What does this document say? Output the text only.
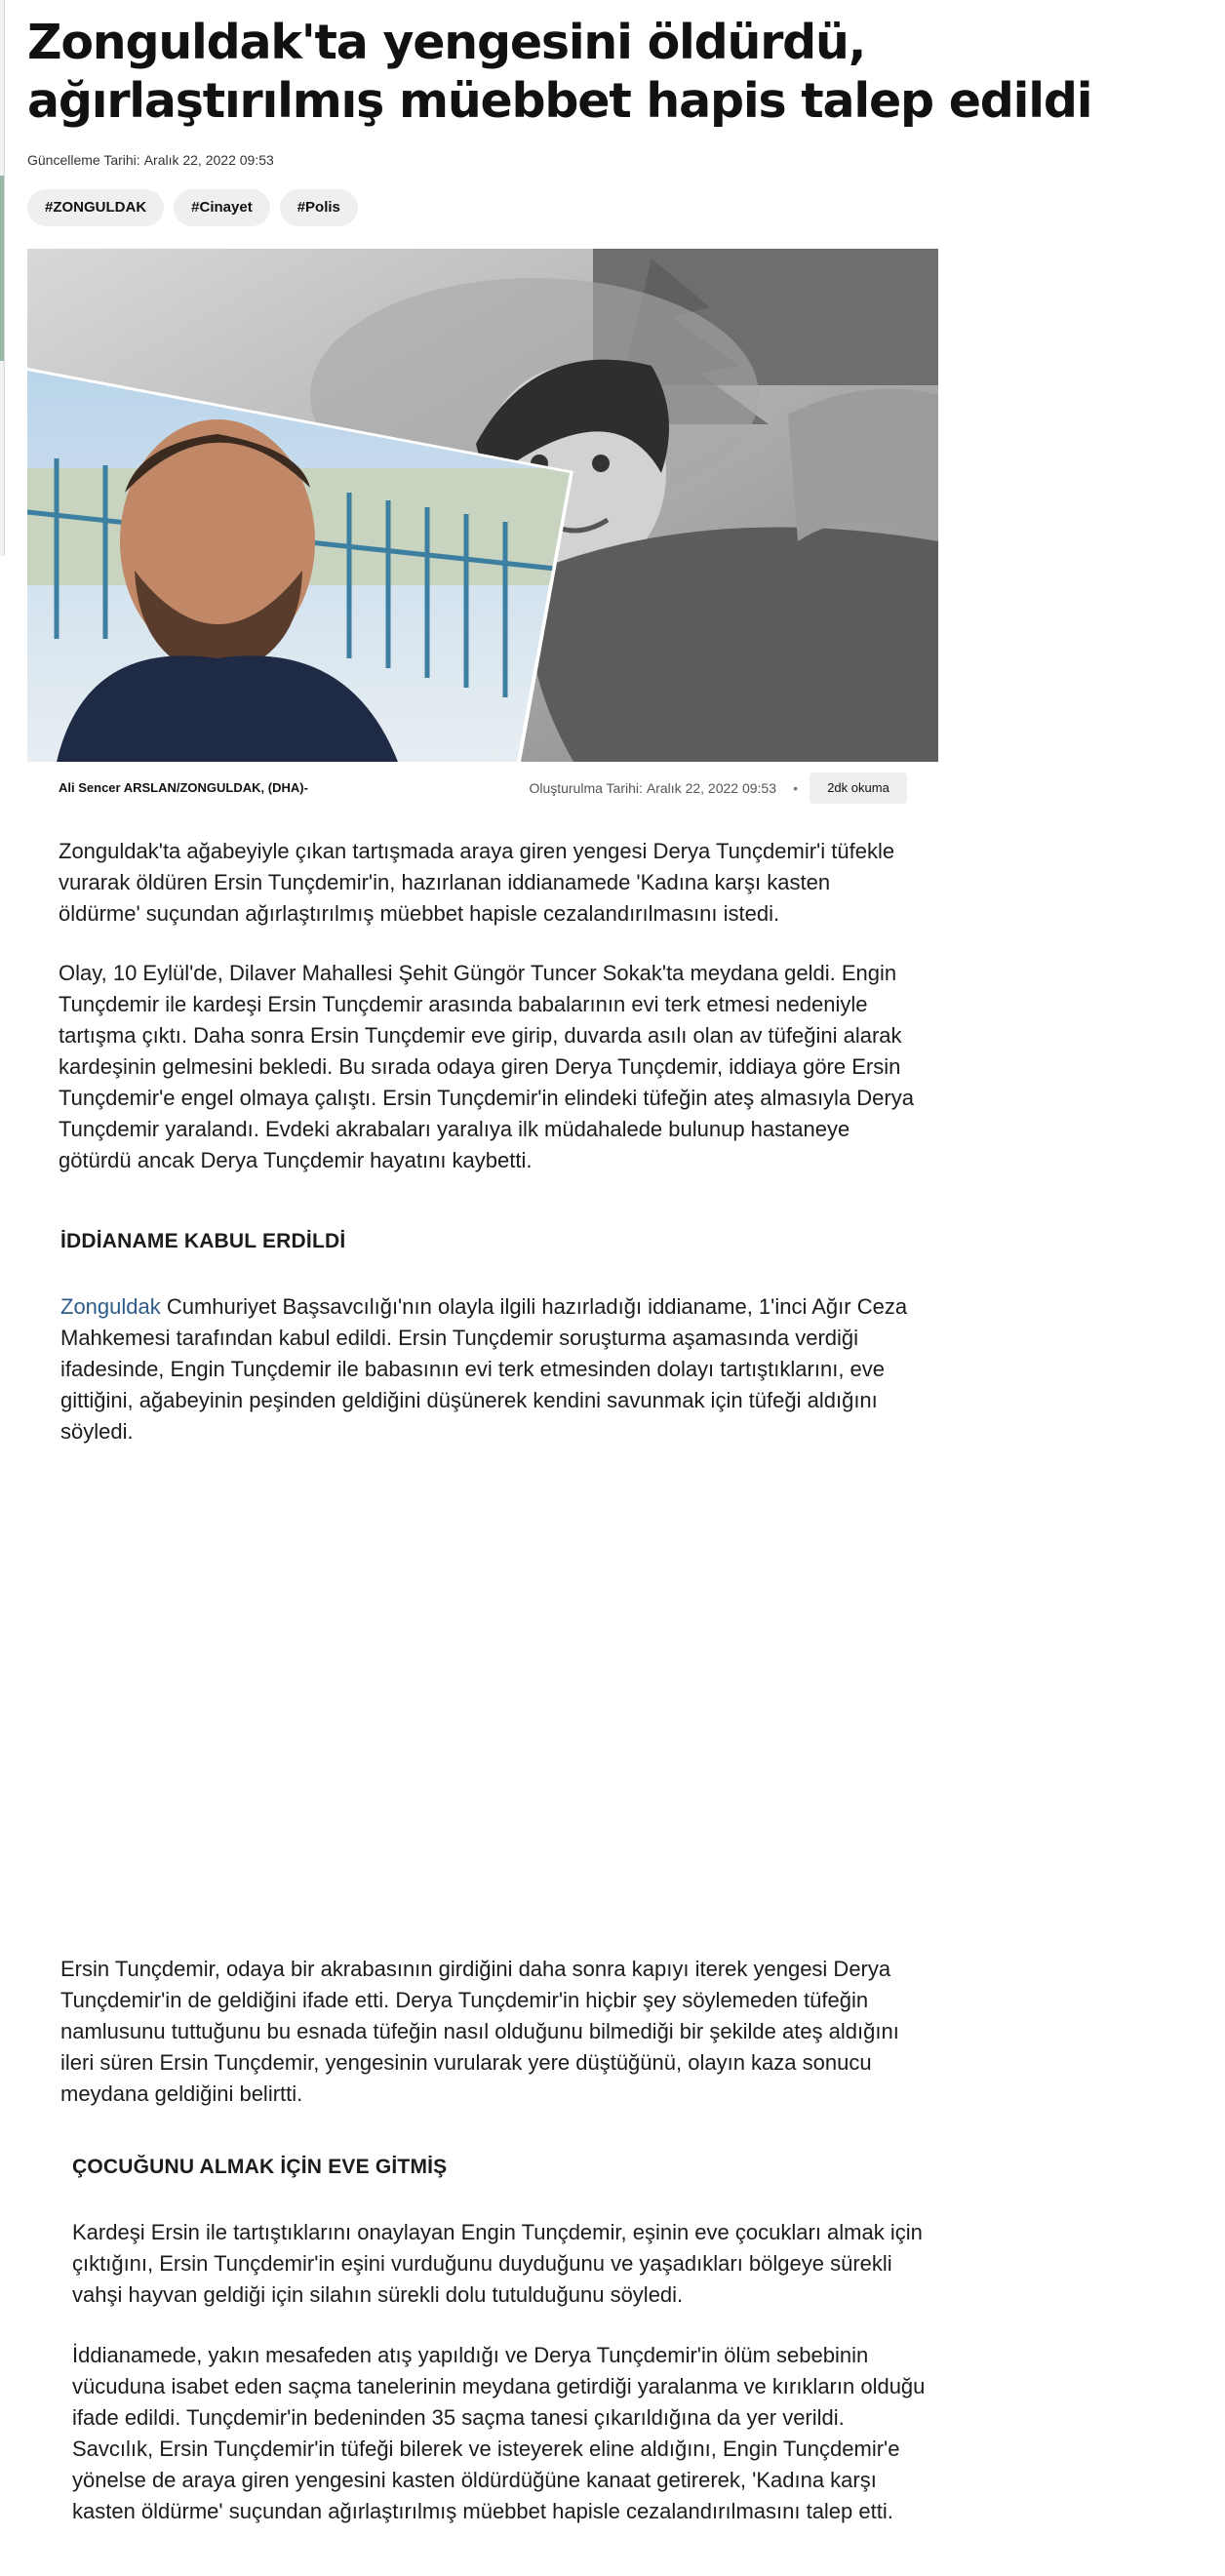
Zonguldak'ta yengesini öldürdü, ağırlaştırılmış müebbet hapis talep edildi
Güncelleme Tarihi: Aralık 22, 2022 09:53
#ZONGULDAK	#Cinayet	#Polis
Ali Sencer ARSLAN/ZONGULDAK, (DHA)-	Oluşturulma Tarihi: Aralık 22, 2022 09:53 •	2dk okuma

Zonguldak'ta ağabeyiyle çıkan tartışmada araya giren yengesi Derya Tunçdemir'i tüfekle vurarak öldüren Ersin Tunçdemir'in, hazırlanan iddianamede 'Kadına karşı kasten öldürme' suçundan ağırlaştırılmış müebbet hapisle cezalandırılmasını istedi.

Olay, 10 Eylül'de, Dilaver Mahallesi Şehit Güngör Tuncer Sokak'ta meydana geldi. Engin Tunçdemir ile kardeşi Ersin Tunçdemir arasında babalarının evi terk etmesi nedeniyle tartışma çıktı. Daha sonra Ersin Tunçdemir eve girip, duvarda asılı olan av tüfeğini alarak kardeşinin gelmesini bekledi. Bu sırada odaya giren Derya Tunçdemir, iddiaya göre Ersin Tunçdemir'e engel olmaya çalıştı. Ersin Tunçdemir'in elindeki tüfeğin ateş almasıyla Derya Tunçdemir yaralandı. Evdeki akrabaları yaralıya ilk müdahalede bulunup hastaneye götürdü ancak Derya Tunçdemir hayatını kaybetti.

İDDİANAME KABUL ERDİLDİ

Zonguldak Cumhuriyet Başsavcılığı'nın olayla ilgili hazırladığı iddianame, 1'inci Ağır Ceza Mahkemesi tarafından kabul edildi. Ersin Tunçdemir soruşturma aşamasında verdiği ifadesinde, Engin Tunçdemir ile babasının evi terk etmesinden dolayı tartıştıklarını, eve gittiğini, ağabeyinin peşinden geldiğini düşünerek kendini savunmak için tüfeği aldığını söyledi.

Ersin Tunçdemir, odaya bir akrabasının girdiğini daha sonra kapıyı iterek yengesi Derya Tunçdemir'in de geldiğini ifade etti. Derya Tunçdemir'in hiçbir şey söylemeden tüfeğin namlusunu tuttuğunu bu esnada tüfeğin nasıl olduğunu bilmediği bir şekilde ateş aldığını ileri süren Ersin Tunçdemir, yengesinin vurularak yere düştüğünü, olayın kaza sonucu meydana geldiğini belirtti.

ÇOCUĞUNU ALMAK İÇİN EVE GİTMİŞ

Kardeşi Ersin ile tartıştıklarını onaylayan Engin Tunçdemir, eşinin eve çocukları almak için çıktığını, Ersin Tunçdemir'in eşini vurduğunu duyduğunu ve yaşadıkları bölgeye sürekli vahşi hayvan geldiği için silahın sürekli dolu tutulduğunu söyledi.

İddianamede, yakın mesafeden atış yapıldığı ve Derya Tunçdemir'in ölüm sebebinin vücuduna isabet eden saçma tanelerinin meydana getirdiği yaralanma ve kırıkların olduğu ifade edildi. Tunçdemir'in bedeninden 35 saçma tanesi çıkarıldığına da yer verildi. Savcılık, Ersin Tunçdemir'in tüfeği bilerek ve isteyerek eline aldığını, Engin Tunçdemir'e yönelse de araya giren yengesini kasten öldürdüğüne kanaat getirerek, 'Kadına karşı kasten öldürme' suçundan ağırlaştırılmış müebbet hapisle cezalandırılmasını talep etti.
